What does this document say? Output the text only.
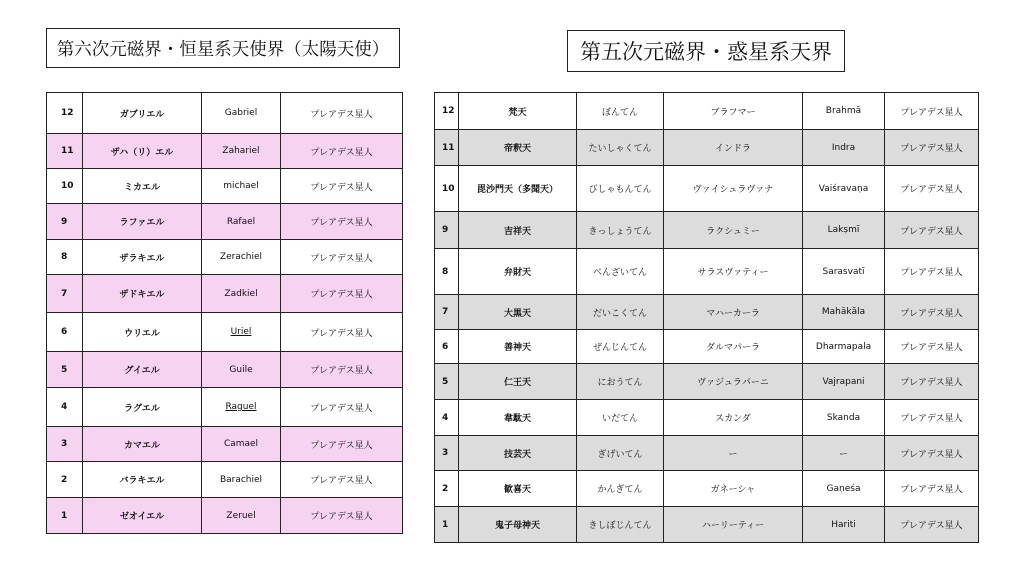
第六次元磁界・恒星系天使界（太陽天使）	第五次元磁界・惑星系天界
12	ガブリエル	Gabriel	プレアデス星人
11	ザハ（リ）エル	Zahariel	プレアデス星人
10	ミカエル	michael	プレアデス星人
9	ラファエル	Rafael	プレアデス星人
8	ザラキエル	Zerachiel	プレアデス星人
7	ザドキエル	Zadkiel	プレアデス星人
6	ウリエル	Uriel	プレアデス星人
5	グイエル	Guile	プレアデス星人
4	ラグエル	Raguel	プレアデス星人
3	カマエル	Camael	プレアデス星人
2	バラキエル	Barachiel	プレアデス星人
1	ゼオイエル	Zeruel	プレアデス星人
12	梵天	ぼんてん	ブラフマー	Brahmā	プレアデス星人
11	帝釈天	たいしゃくてん	インドラ	Indra	プレアデス星人
10	毘沙門天（多聞天）	びしゃもんてん	ヴァイシュラヴァナ	Vaiśravaṇa	プレアデス星人
9	吉祥天	きっしょうてん	ラクシュミー	Lakṣmī	プレアデス星人
8	弁財天	べんざいてん	サラスヴァティー	Sarasvatī	プレアデス星人
7	大黒天	だいこくてん	マハーカーラ	Mahākāla	プレアデス星人
6	善神天	ぜんじんてん	ダルマパーラ	Dharmapala	プレアデス星人
5	仁王天	におうてん	ヴァジュラパーニ	Vajrapani	プレアデス星人
4	韋駄天	いだてん	スカンダ	Skanda	プレアデス星人
3	技芸天	ぎげいてん	ー	ー	プレアデス星人
2	歓喜天	かんぎてん	ガネーシャ	Gaṇeśa	プレアデス星人
1	鬼子母神天	きしぼじんてん	ハーリーティー	Hariti	プレアデス星人
